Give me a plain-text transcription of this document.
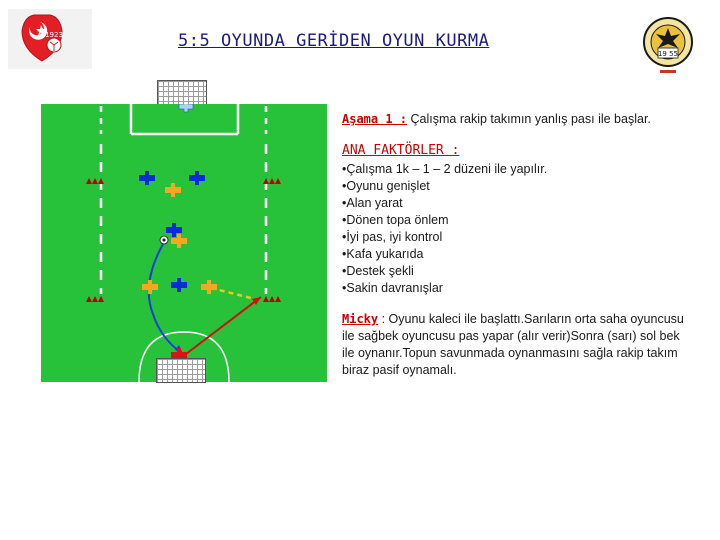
5:5 OYUNDA GERİDEN OYUN KURMA
1923
19 55
Aşama 1 : Çalışma rakip takımın yanlış pası ile başlar.
ANA FAKTÖRLER :
•Çalışma 1k – 1 – 2 düzeni ile yapılır.
•Oyunu genişlet
•Alan yarat
•Dönen topa önlem
•İyi pas, iyi kontrol
•Kafa yukarıda
•Destek şekli
•Sakin davranışlar
Micky : Oyunu kaleci ile başlattı.Sarıların orta saha oyuncusu ile sağbek oyuncusu pas yapar (alır verir)Sonra (sarı) sol bek ile oynanır.Topun savunmada oynanmasını sağla rakip takım biraz pasif oynamalı.
